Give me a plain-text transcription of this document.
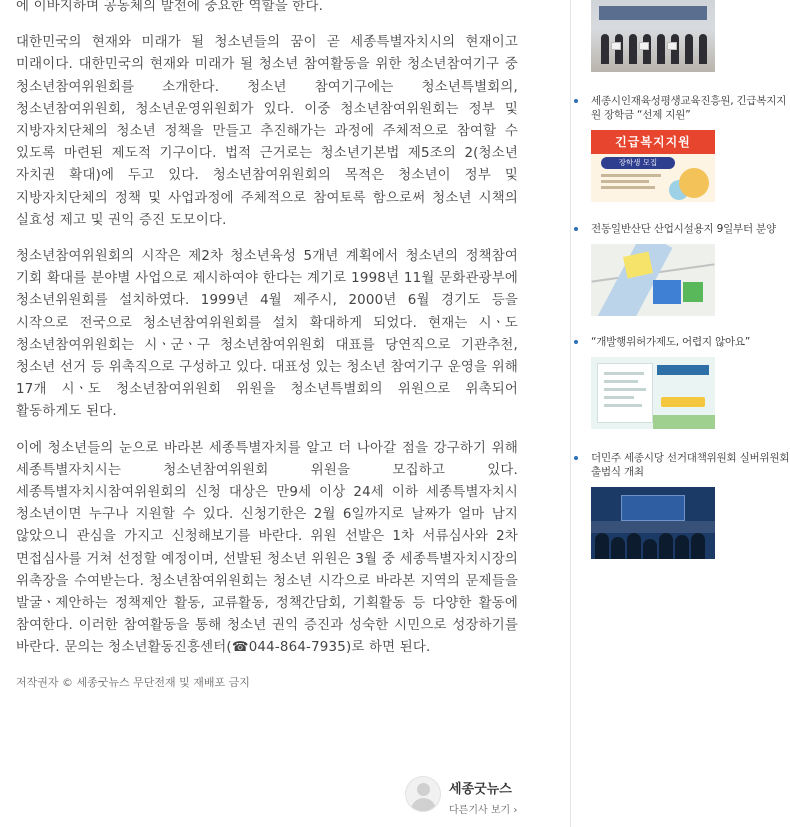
에 이바지하며 공동체의 발전에 중요한 역할을 한다.

대한민국의 현재와 미래가 될 청소년들의 꿈이 곧 세종특별자치시의 현재이고 미래이다. 대한민국의 현재와 미래가 될 청소년 참여활동을 위한 청소년참여기구 중 청소년참여위원회를 소개한다. 청소년 참여기구에는 청소년특별회의, 청소년참여위원회, 청소년운영위원회가 있다. 이중 청소년참여위원회는 정부 및 지방자치단체의 청소년 정책을 만들고 추진해가는 과정에 주체적으로 참여할 수 있도록 마련된 제도적 기구이다. 법적 근거로는 청소년기본법 제5조의 2(청소년 자치권 확대)에 두고 있다. 청소년참여위원회의 목적은 청소년이 정부 및 지방자치단체의 정책 및 사업과정에 주체적으로 참여토록 함으로써 청소년 시책의 실효성 제고 및 권익 증진 도모이다.

청소년참여위원회의 시작은 제2차 청소년육성 5개년 계획에서 청소년의 정책참여 기회 확대를 분야별 사업으로 제시하여야 한다는 계기로 1998년 11월 문화관광부에 청소년위원회를 설치하였다. 1999년 4월 제주시, 2000년 6월 경기도 등을 시작으로 전국으로 청소년참여위원회를 설치 확대하게 되었다. 현재는 시ㆍ도 청소년참여위원회는 시ㆍ군ㆍ구 청소년참여위원회 대표를 당연직으로 기관추천, 청소년 선거 등 위촉직으로 구성하고 있다. 대표성 있는 청소년 참여기구 운영을 위해 17개 시ㆍ도 청소년참여위원회 위원을 청소년특별회의 위원으로 위촉되어 활동하게도 된다.

이에 청소년들의 눈으로 바라본 세종특별자치를 알고 더 나아갈 점을 강구하기 위해 세종특별자치시는 청소년참여위원회 위원을 모집하고 있다. 세종특별자치시참여위원회의 신청 대상은 만9세 이상 24세 이하 세종특별자치시 청소년이면 누구나 지원할 수 있다. 신청기한은 2월 6일까지로 날짜가 얼마 남지 않았으니 관심을 가지고 신청해보기를 바란다. 위원 선발은 1차 서류심사와 2차 면접심사를 거쳐 선정할 예정이며, 선발된 청소년 위원은 3월 중 세종특별자치시장의 위촉장을 수여받는다. 청소년참여위원회는 청소년 시각으로 바라본 지역의 문제들을 발굴ㆍ제안하는 정책제안 활동, 교류활동, 정책간담회, 기획활동 등 다양한 활동에 참여한다. 이러한 참여활동을 통해 청소년 권익 증진과 성숙한 시민으로 성장하기를 바란다. 문의는 청소년활동진흥센터(☎044-864-7935)로 하면 된다.

저작권자 © 세종굿뉴스 무단전재 및 재배포 금지

세종굿뉴스
다른기사 보기 ›
세종시인재육성평생교육진흥원, 긴급복지지원 장학금 “선제 지원”
긴급복지지원
장학생 모집
전동일반산단 산업시설용지 9일부터 분양
“개발행위허가제도, 어렵지 않아요”
더민주 세종시당 선거대책위원회 실버위원회 출범식 개최
